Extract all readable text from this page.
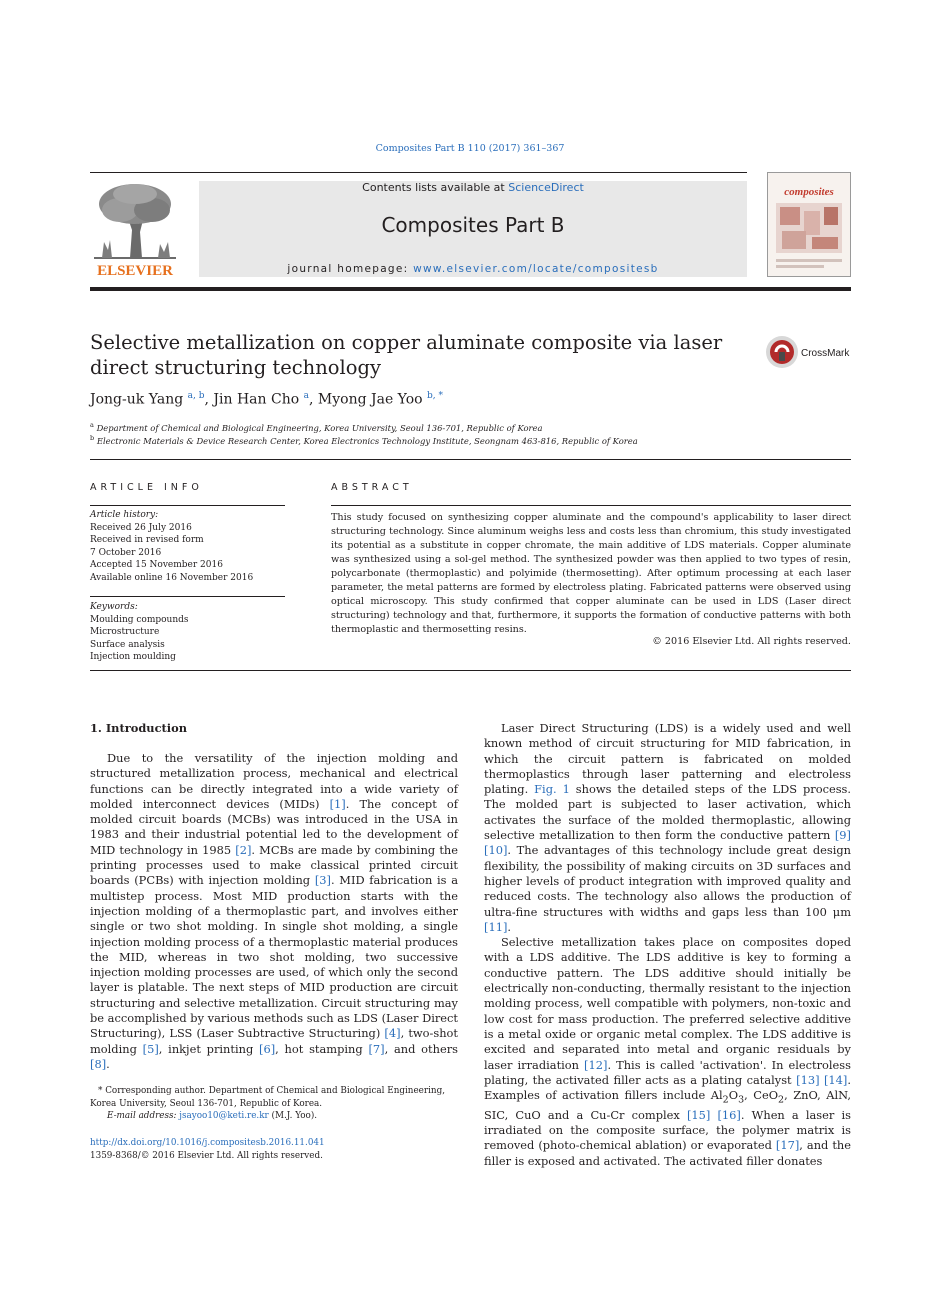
Composites Part B 110 (2017) 361–367
ELSEVIER
Contents lists available at ScienceDirect
Composites Part B
journal homepage: www.elsevier.com/locate/compositesb
composites
Selective metallization on copper aluminate composite via laser direct structuring technology
CrossMark
Jong-uk Yang $^{a, b}$, Jin Han Cho $^a$, Myong Jae Yoo $^{b, *}$
$^a$ Department of Chemical and Biological Engineering, Korea University, Seoul 136-701, Republic of Korea
$^b$ Electronic Materials & Device Research Center, Korea Electronics Technology Institute, Seongnam 463-816, Republic of Korea
ARTICLE INFO	ABSTRACT
Article history:
Received 26 July 2016
Received in revised form
7 October 2016
Accepted 15 November 2016
Available online 16 November 2016
Keywords:
Moulding compounds
Microstructure
Surface analysis
Injection moulding
This study focused on synthesizing copper aluminate and the compound's applicability to laser direct structuring technology. Since aluminum weighs less and costs less than chromium, this study investigated its potential as a substitute in copper chromate, the main additive of LDS materials. Copper aluminate was synthesized using a sol-gel method. The synthesized powder was then applied to two types of resin, polycarbonate (thermoplastic) and polyimide (thermosetting). After optimum processing at each laser parameter, the metal patterns are formed by electroless plating. Fabricated patterns were observed using optical microscopy. This study confirmed that copper aluminate can be used in LDS (Laser direct structuring) technology and that, furthermore, it supports the formation of conductive patterns with both thermoplastic and thermosetting resins.
© 2016 Elsevier Ltd. All rights reserved.
1. Introduction

Due to the versatility of the injection molding and structured metallization process, mechanical and electrical functions can be directly integrated into a wide variety of molded interconnect devices (MIDs) [1]. The concept of molded circuit boards (MCBs) was introduced in the USA in 1983 and their industrial potential led to the development of MID technology in 1985 [2]. MCBs are made by combining the printing processes used to make classical printed circuit boards (PCBs) with injection molding [3]. MID fabrication is a multistep process. Most MID production starts with the injection molding of a thermoplastic part, and involves either single or two shot molding. In single shot molding, a single injection molding process of a thermoplastic material produces the MID, whereas in two shot molding, two successive injection molding processes are used, of which only the second layer is platable. The next steps of MID production are circuit structuring and selective metallization. Circuit structuring may be accomplished by various methods such as LDS (Laser Direct Structuring), LSS (Laser Subtractive Structuring) [4], two-shot molding [5], inkjet printing [6], hot stamping [7], and others [8].

Laser Direct Structuring (LDS) is a widely used and well known method of circuit structuring for MID fabrication, in which the circuit pattern is fabricated on molded thermoplastics through laser patterning and electroless plating. Fig. 1 shows the detailed steps of the LDS process. The molded part is subjected to laser activation, which activates the surface of the molded thermoplastic, allowing selective metallization to then form the conductive pattern [9] [10]. The advantages of this technology include great design flexibility, the possibility of making circuits on 3D surfaces and higher levels of product integration with improved quality and reduced costs. The technology also allows the production of ultra-fine structures with widths and gaps less than 100 μm [11].

Selective metallization takes place on composites doped with a LDS additive. The LDS additive is key to forming a conductive pattern. The LDS additive should initially be electrically non-conducting, thermally resistant to the injection molding process, well compatible with polymers, non-toxic and low cost for mass production. The preferred selective additive is a metal oxide or organic metal complex. The LDS additive is excited and separated into metal and organic residuals by laser irradiation [12]. This is called 'activation'. In electroless plating, the activated filler acts as a plating catalyst [13] [14]. Examples of activation fillers include $Al_2O_3$, CeO$_2$, ZnO, AlN, SIC, CuO and a Cu-Cr complex [15] [16]. When a laser is irradiated on the composite surface, the polymer matrix is removed (photo-chemical ablation) or evaporated [17], and the filler is exposed and activated. The activated filler donates

* Corresponding author. Department of Chemical and Biological Engineering, Korea University, Seoul 136-701, Republic of Korea.

E-mail address: jsayoo10@keti.re.kr (M.J. Yoo).

http://dx.doi.org/10.1016/j.compositesb.2016.11.041
1359-8368/© 2016 Elsevier Ltd. All rights reserved.
